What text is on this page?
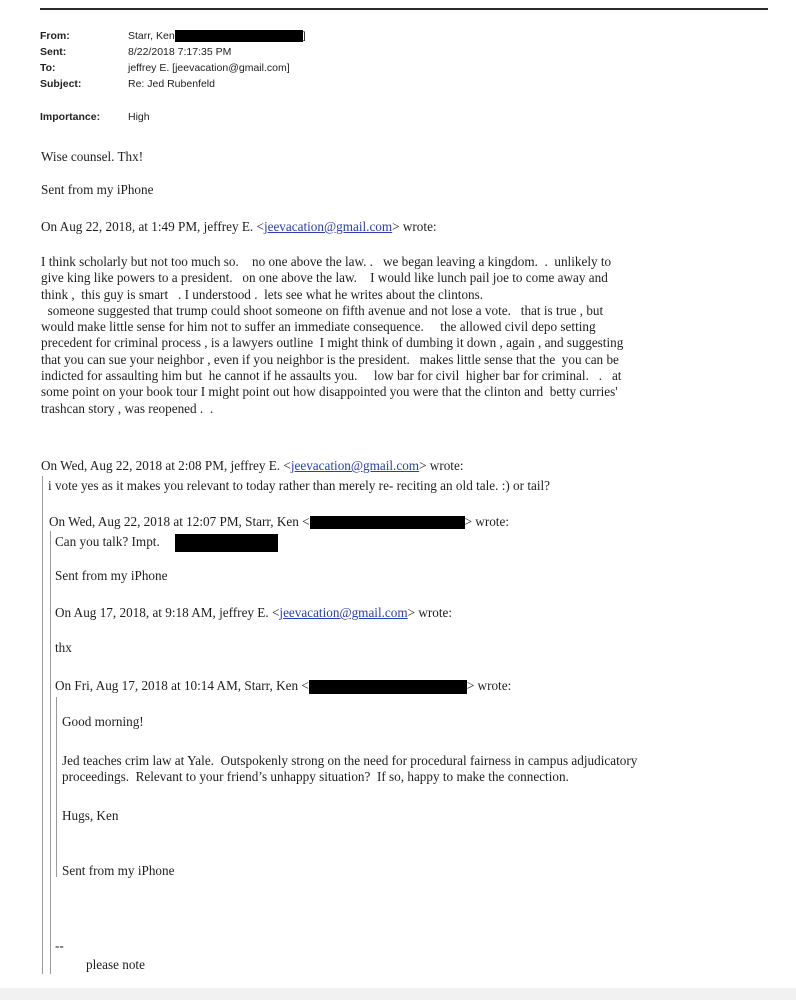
From:	Starr, Ken	]
Sent:	8/22/2018 7:17:35 PM
To:	jeffrey E. [jeevacation@gmail.com]
Subject:	Re: Jed Rubenfeld
Importance:	High
Wise counsel. Thx!
Sent from my iPhone
On Aug 22, 2018, at 1:49 PM, jeffrey E. <jeevacation@gmail.com> wrote:
I think scholarly but not too much so.    no one above the law. .   we began leaving a kingdom.  .  unlikely to
give king like powers to a president.   on one above the law.    I would like lunch pail joe to come away and
think ,  this guy is smart   . I understood .  lets see what he writes about the clintons.
someone suggested that trump could shoot someone on fifth avenue and not lose a vote.   that is true , but
would make little sense for him not to suffer an immediate consequence.     the allowed civil depo setting
precedent for criminal process , is a lawyers outline  I might think of dumbing it down , again , and suggesting
that you can sue your neighbor , even if you neighbor is the president.   makes little sense that the  you can be
indicted for assaulting him but  he cannot if he assaults you.     low bar for civil  higher bar for criminal.   .   at
some point on your book tour I might point out how disappointed you were that the clinton and  betty curries'
trashcan story , was reopened .  .
On Wed, Aug 22, 2018 at 2:08 PM, jeffrey E. <jeevacation@gmail.com> wrote:
i vote yes as it makes you relevant to today rather than merely re- reciting an old tale. :) or tail?
On Wed, Aug 22, 2018 at 12:07 PM, Starr, Ken <	> wrote:
Can you talk? Impt.
Sent from my iPhone
On Aug 17, 2018, at 9:18 AM, jeffrey E. <jeevacation@gmail.com> wrote:
thx
On Fri, Aug 17, 2018 at 10:14 AM, Starr, Ken <	> wrote:
Good morning!
Jed teaches crim law at Yale.  Outspokenly strong on the need for procedural fairness in campus adjudicatory
proceedings.  Relevant to your friend’s unhappy situation?  If so, happy to make the connection.
Hugs, Ken
Sent from my iPhone
--
please note
